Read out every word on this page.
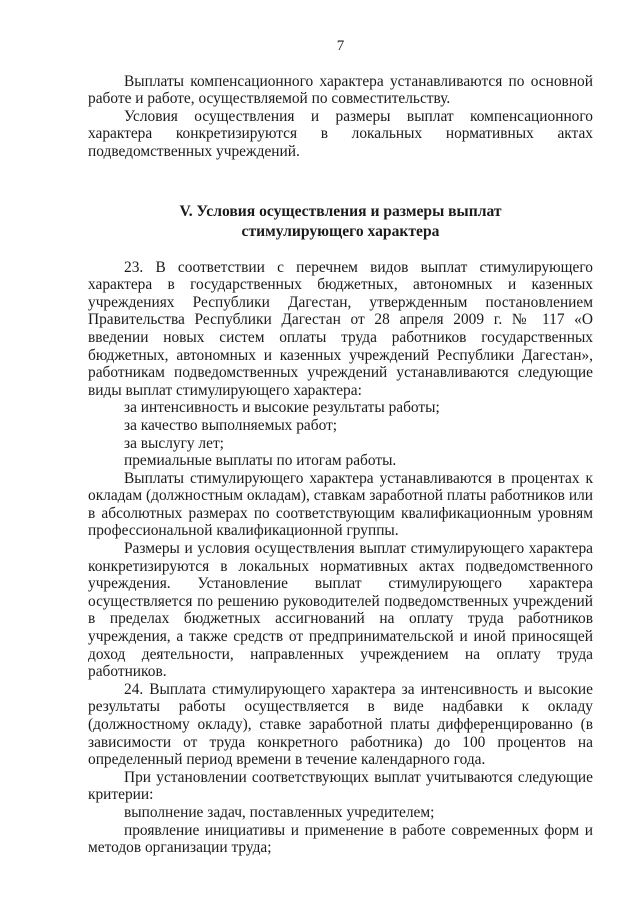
7

Выплаты компенсационного характера устанавливаются по основной работе и работе, осуществляемой по совместительству.

Условия осуществления и размеры выплат компенсационного характера конкретизируются в локальных нормативных актах подведомственных учреждений.

V. Условия осуществления и размеры выплат
стимулирующего характера

23. В соответствии с перечнем видов выплат стимулирующего характера в государственных бюджетных, автономных и казенных учреждениях Республики Дагестан, утвержденным постановлением Правительства Республики Дагестан от 28 апреля 2009 г. № 117 «О введении новых систем оплаты труда работников государственных бюджетных, автономных и казенных учреждений Республики Дагестан», работникам подведомственных учреждений устанавливаются следующие виды выплат стимулирующего характера:

за интенсивность и высокие результаты работы;

за качество выполняемых работ;

за выслугу лет;

премиальные выплаты по итогам работы.

Выплаты стимулирующего характера устанавливаются в процентах к окладам (должностным окладам), ставкам заработной платы работников или в абсолютных размерах по соответствующим квалификационным уровням профессиональной квалификационной группы.

Размеры и условия осуществления выплат стимулирующего характера конкретизируются в локальных нормативных актах подведомственного учреждения. Установление выплат стимулирующего характера осуществляется по решению руководителей подведомственных учреждений в пределах бюджетных ассигнований на оплату труда работников учреждения, а также средств от предпринимательской и иной приносящей доход деятельности, направленных учреждением на оплату труда работников.

24. Выплата стимулирующего характера за интенсивность и высокие результаты работы осуществляется в виде надбавки к окладу (должностному окладу), ставке заработной платы дифференцированно (в зависимости от труда конкретного работника) до 100 процентов на определенный период времени в течение календарного года.

При установлении соответствующих выплат учитываются следующие критерии:

выполнение задач, поставленных учредителем;

проявление инициативы и применение в работе современных форм и методов организации труда;
